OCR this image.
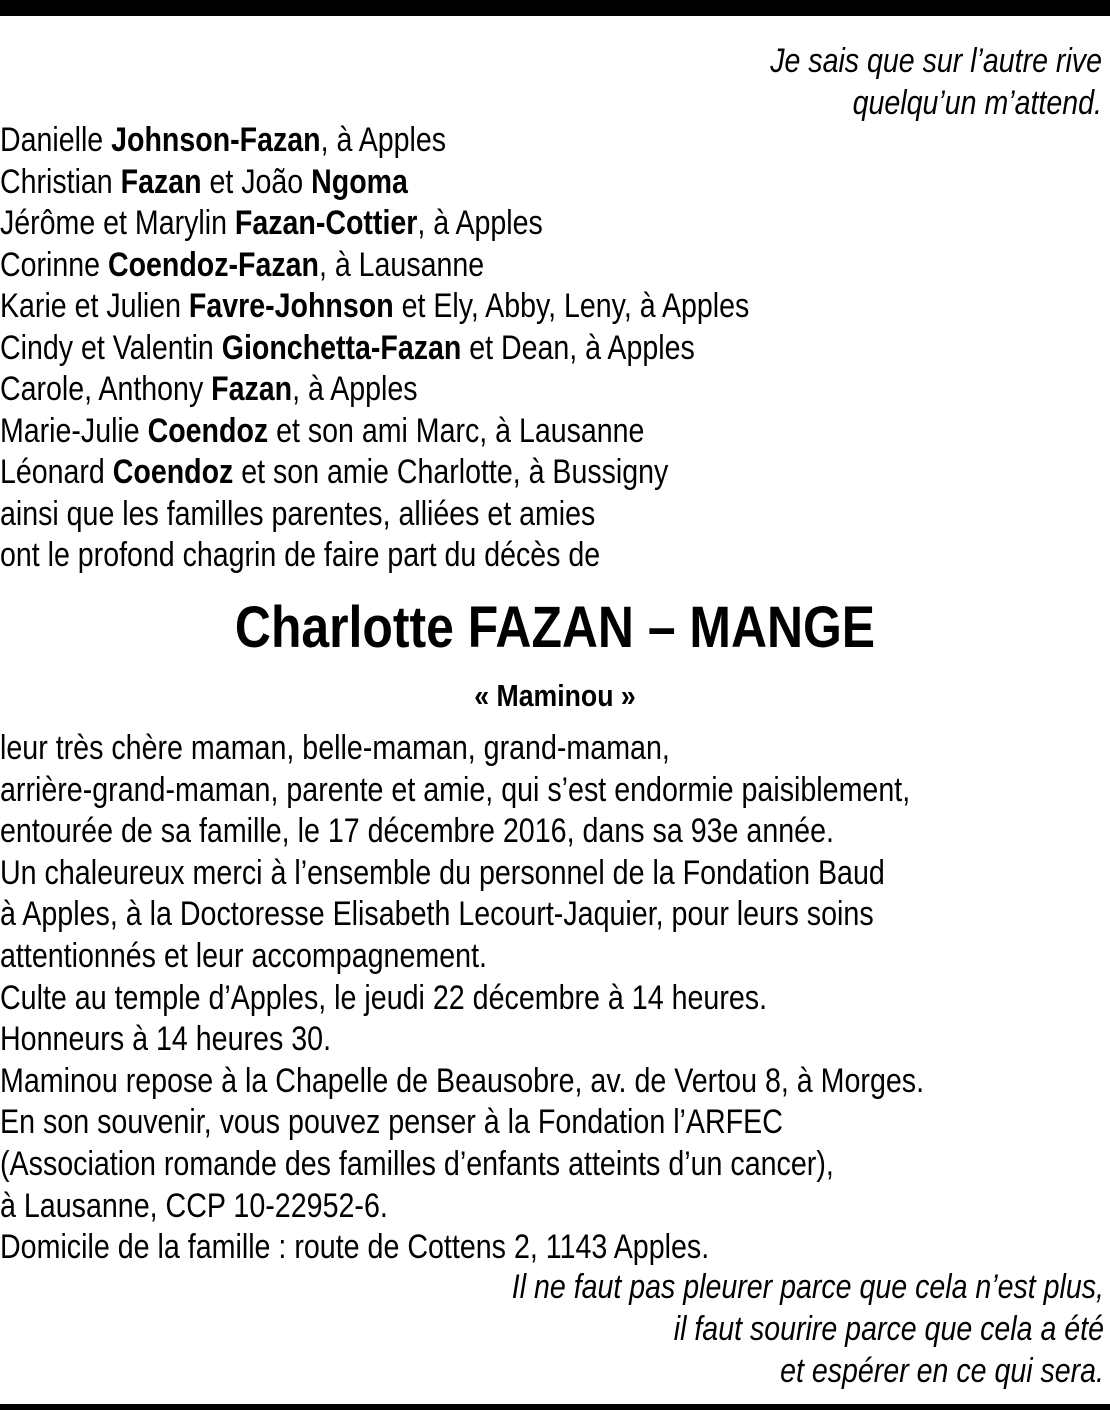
Je sais que sur l’autre rive
quelqu’un m’attend.
Danielle Johnson-Fazan, à Apples
Christian Fazan et João Ngoma
Jérôme et Marylin Fazan-Cottier, à Apples
Corinne Coendoz-Fazan, à Lausanne
Karie et Julien Favre-Johnson et Ely, Abby, Leny, à Apples
Cindy et Valentin Gionchetta-Fazan et Dean, à Apples
Carole, Anthony Fazan, à Apples
Marie-Julie Coendoz et son ami Marc, à Lausanne
Léonard Coendoz et son amie Charlotte, à Bussigny
ainsi que les familles parentes, alliées et amies
ont le profond chagrin de faire part du décès de
Charlotte FAZAN – MANGE
« Maminou »
leur très chère maman, belle-maman, grand-maman,
arrière-grand-maman, parente et amie, qui s’est endormie paisiblement,
entourée de sa famille, le 17 décembre 2016, dans sa 93e année.
Un chaleureux merci à l’ensemble du personnel de la Fondation Baud
à Apples, à la Doctoresse Elisabeth Lecourt-Jaquier, pour leurs soins
attentionnés et leur accompagnement.
Culte au temple d’Apples, le jeudi 22 décembre à 14 heures.
Honneurs à 14 heures 30.
Maminou repose à la Chapelle de Beausobre, av. de Vertou 8, à Morges.
En son souvenir, vous pouvez penser à la Fondation l’ARFEC
(Association romande des familles d’enfants atteints d’un cancer),
à Lausanne, CCP 10-22952-6.
Domicile de la famille : route de Cottens 2, 1143 Apples.
Il ne faut pas pleurer parce que cela n’est plus,
il faut sourire parce que cela a été
et espérer en ce qui sera.
